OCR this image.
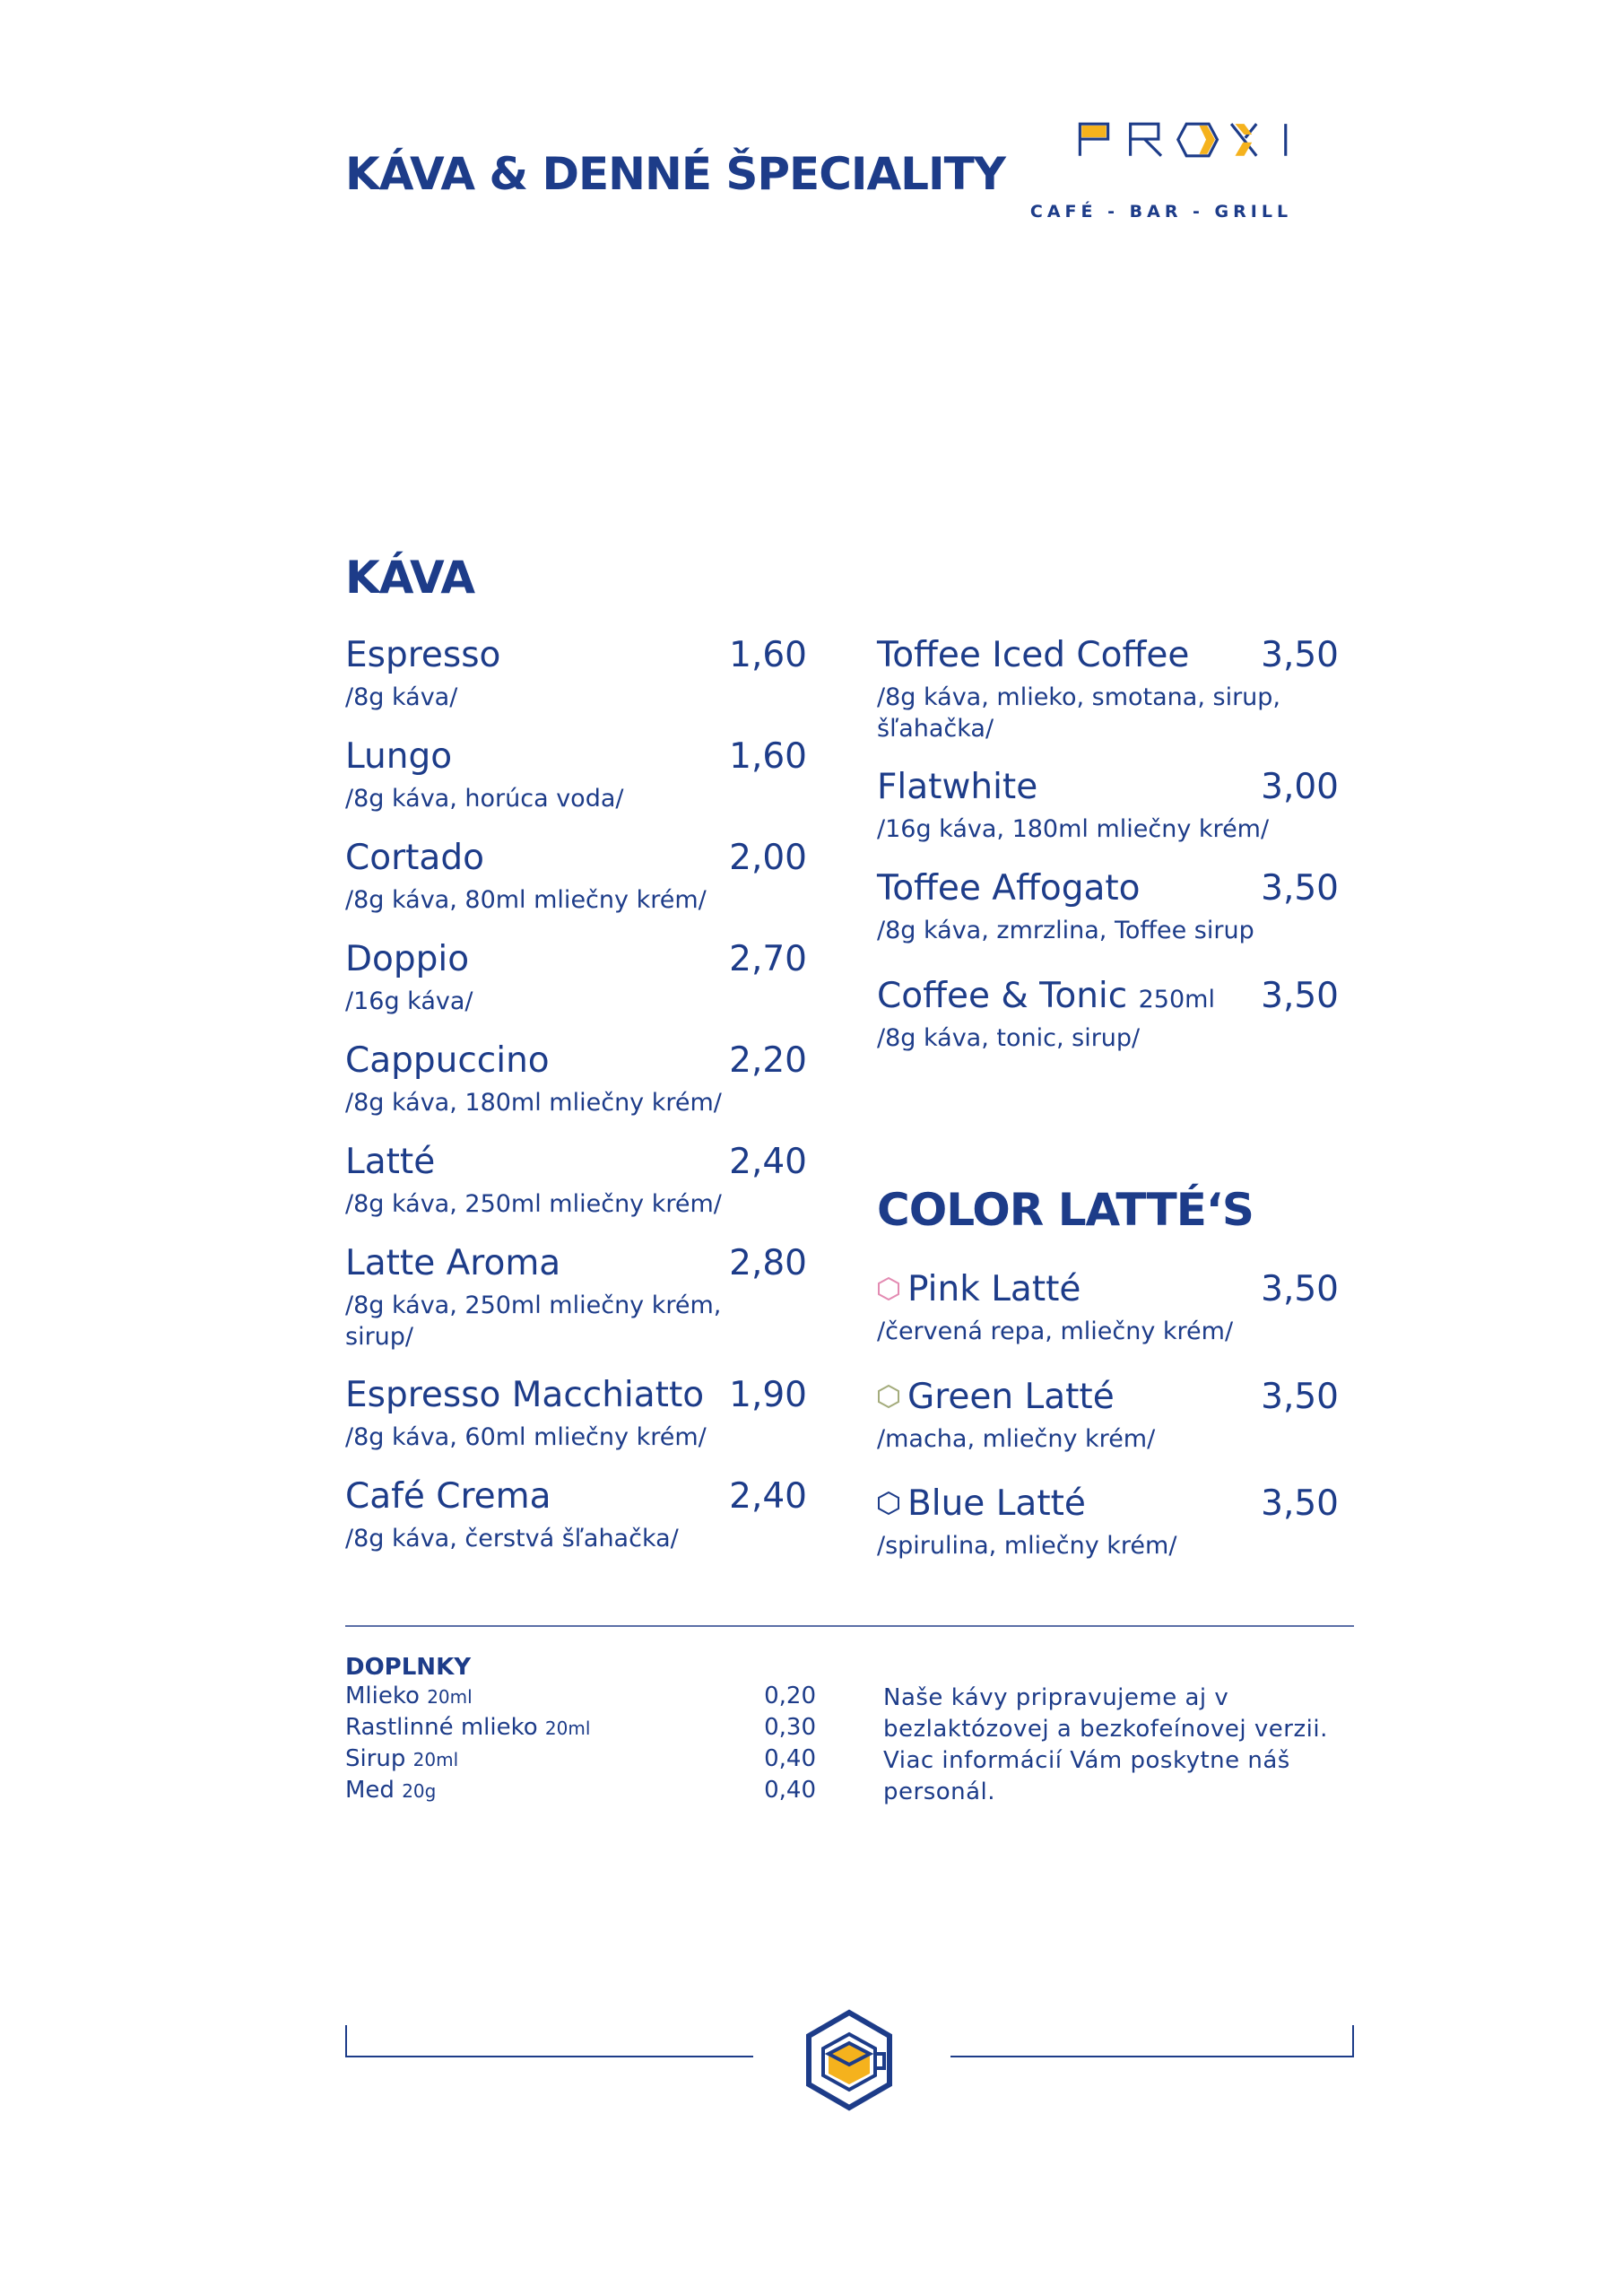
KÁVA & DENNÉ ŠPECIALITY
CAFÉ - BAR - GRILL
KÁVA
Espresso	1,60
/8g káva/
Lungo	1,60
/8g káva, horúca voda/
Cortado	2,00
/8g káva, 80ml mliečny krém/
Doppio	2,70
/16g káva/
Cappuccino	2,20
/8g káva, 180ml mliečny krém/
Latté	2,40
/8g káva, 250ml mliečny krém/
Latte Aroma	2,80
/8g káva, 250ml mliečny krém, sirup/
Espresso Macchiatto 1,90
/8g káva, 60ml mliečny krém/
Café Crema	2,40
/8g káva, čerstvá šľahačka/
Toffee Iced Coffee 3,50
/8g káva, mlieko, smotana, sirup, šľahačka/
Flatwhite	3,00
/16g káva, 180ml mliečny krém/
Toffee Affogato	3,50
/8g káva, zmrzlina, Toffee sirup
Coffee & Tonic 250ml 3,50
/8g káva, tonic, sirup/
COLOR LATTÉ‘S
Pink Latté	3,50
/červená repa, mliečny krém/
Green Latté	3,50
/macha, mliečny krém/
Blue Latté	3,50
/spirulina, mliečny krém/
DOPLNKY
Mlieko 20ml	0,20
Rastlinné mlieko 20ml	0,30
Sirup 20ml	0,40
Med 20g	0,40
Naše kávy pripravujeme aj v bezlaktózovej a bezkofeínovej verzii. Viac informácií Vám poskytne náš personál.
